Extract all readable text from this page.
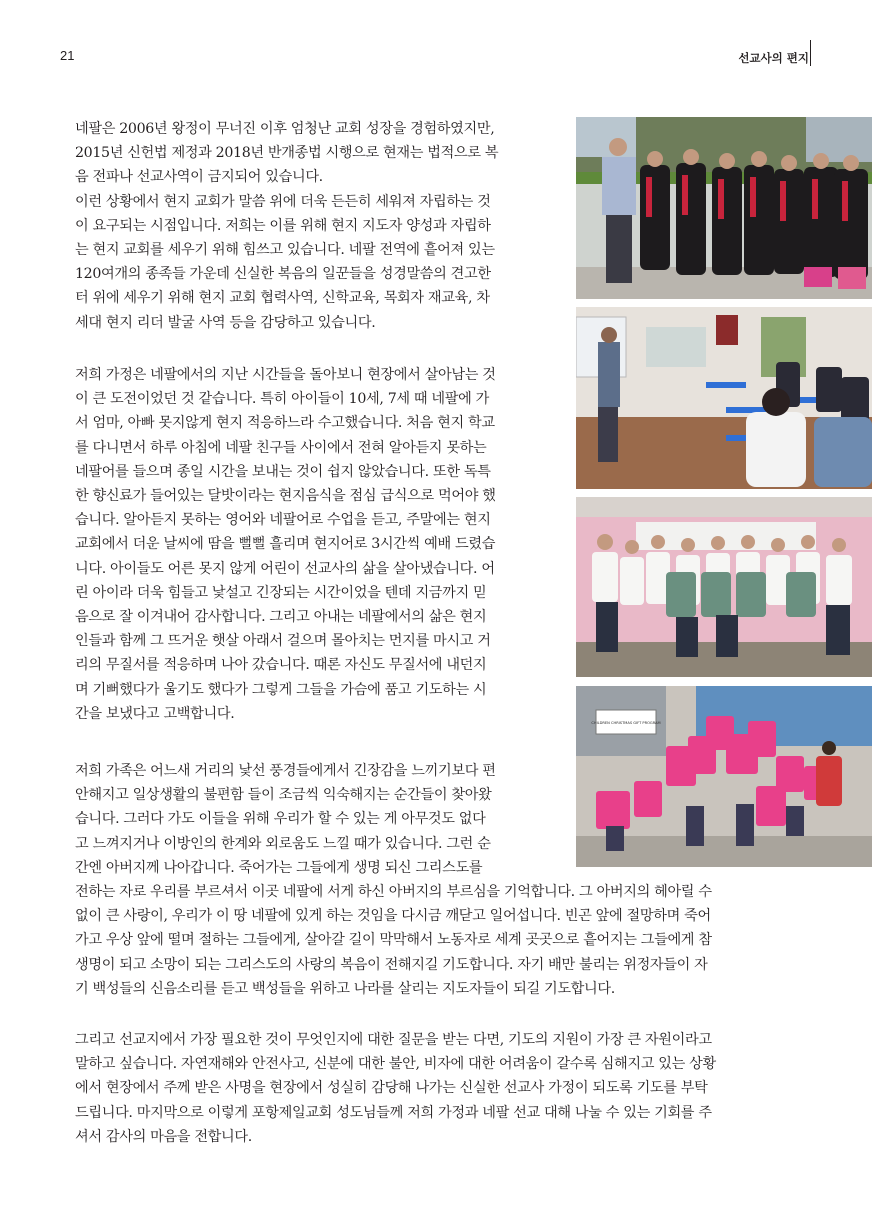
21	선교사의 편지

네팔은 2006년 왕정이 무너진 이후 엄청난 교회 성장을 경험하였지만,
2015년 신헌법 제정과 2018년 반개종법 시행으로 현재는 법적으로 복
음 전파나 선교사역이 금지되어 있습니다.
이런 상황에서 현지 교회가 말씀 위에 더욱 든든히 세워져 자립하는 것
이 요구되는 시점입니다. 저희는 이를 위해 현지 지도자 양성과 자립하
는 현지 교회를 세우기 위해 힘쓰고 있습니다. 네팔 전역에 흩어져 있는
120여개의 종족들 가운데 신실한 복음의 일꾼들을 성경말씀의 견고한
터 위에 세우기 위해 현지 교회 협력사역, 신학교육, 목회자 재교육, 차
세대 현지 리더 발굴 사역 등을 감당하고 있습니다.

저희 가정은 네팔에서의 지난 시간들을 돌아보니 현장에서 살아남는 것
이 큰 도전이었던 것 같습니다. 특히 아이들이 10세, 7세 때 네팔에 가
서 엄마, 아빠 못지않게 현지 적응하느라 수고했습니다. 처음 현지 학교
를 다니면서 하루 아침에 네팔 친구들 사이에서 전혀 알아듣지 못하는
네팔어를 들으며 종일 시간을 보내는 것이 쉽지 않았습니다. 또한 독특
한 향신료가 들어있는 달밧이라는 현지음식을 점심 급식으로 먹어야 했
습니다. 알아듣지 못하는 영어와 네팔어로 수업을 듣고, 주말에는 현지
교회에서 더운 날씨에 땀을 뻘뻘 흘리며 현지어로 3시간씩 예배 드렸습
니다. 아이들도 어른 못지 않게 어린이 선교사의 삶을 살아냈습니다. 어
린 아이라 더욱 힘들고 낯설고 긴장되는 시간이었을 텐데 지금까지 믿
음으로 잘 이겨내어 감사합니다. 그리고 아내는 네팔에서의 삶은 현지
인들과 함께 그 뜨거운 햇살 아래서 걸으며 몰아치는 먼지를 마시고 거
리의 무질서를 적응하며 나아 갔습니다. 때론 자신도 무질서에 내던지
며 기뻐했다가 울기도 했다가 그렇게 그들을 가슴에 품고 기도하는 시
간을 보냈다고 고백합니다.

저희 가족은 어느새 거리의 낯선 풍경들에게서 긴장감을 느끼기보다 편
안해지고 일상생활의 불편함 들이 조금씩 익숙해지는 순간들이 찾아왔
습니다. 그러다 가도 이들을 위해 우리가 할 수 있는 게 아무것도 없다
고 느껴지거나 이방인의 한계와 외로움도 느낄 때가 있습니다. 그런 순
간엔 아버지께 나아갑니다. 죽어가는 그들에게 생명 되신 그리스도를
전하는 자로 우리를 부르셔서 이곳 네팔에 서게 하신 아버지의 부르심을 기억합니다. 그 아버지의 헤아릴 수
없이 큰 사랑이, 우리가 이 땅 네팔에 있게 하는 것임을 다시금 깨닫고 일어섭니다. 빈곤 앞에 절망하며 죽어
가고 우상 앞에 떨며 절하는 그들에게, 살아갈 길이 막막해서 노동자로 세계 곳곳으로 흩어지는 그들에게 참
생명이 되고 소망이 되는 그리스도의 사랑의 복음이 전해지길 기도합니다. 자기 배만 불리는 위정자들이 자
기 백성들의 신음소리를 듣고 백성들을 위하고 나라를 살리는 지도자들이 되길 기도합니다.

그리고 선교지에서 가장 필요한 것이 무엇인지에 대한 질문을 받는 다면, 기도의 지원이 가장 큰 자원이라고
말하고 싶습니다. 자연재해와 안전사고, 신분에 대한 불안, 비자에 대한 어려움이 갈수록 심해지고 있는 상황
에서 현장에서 주께 받은 사명을 현장에서 성실히 감당해 나가는 신실한 선교사 가정이 되도록 기도를 부탁
드립니다. 마지막으로 이렇게 포항제일교회 성도님들께 저희 가정과 네팔 선교 대해 나눌 수 있는 기회를 주
셔서 감사의 마음을 전합니다.

CHILDREN CHRISTMAS GIFT PROGRAM
